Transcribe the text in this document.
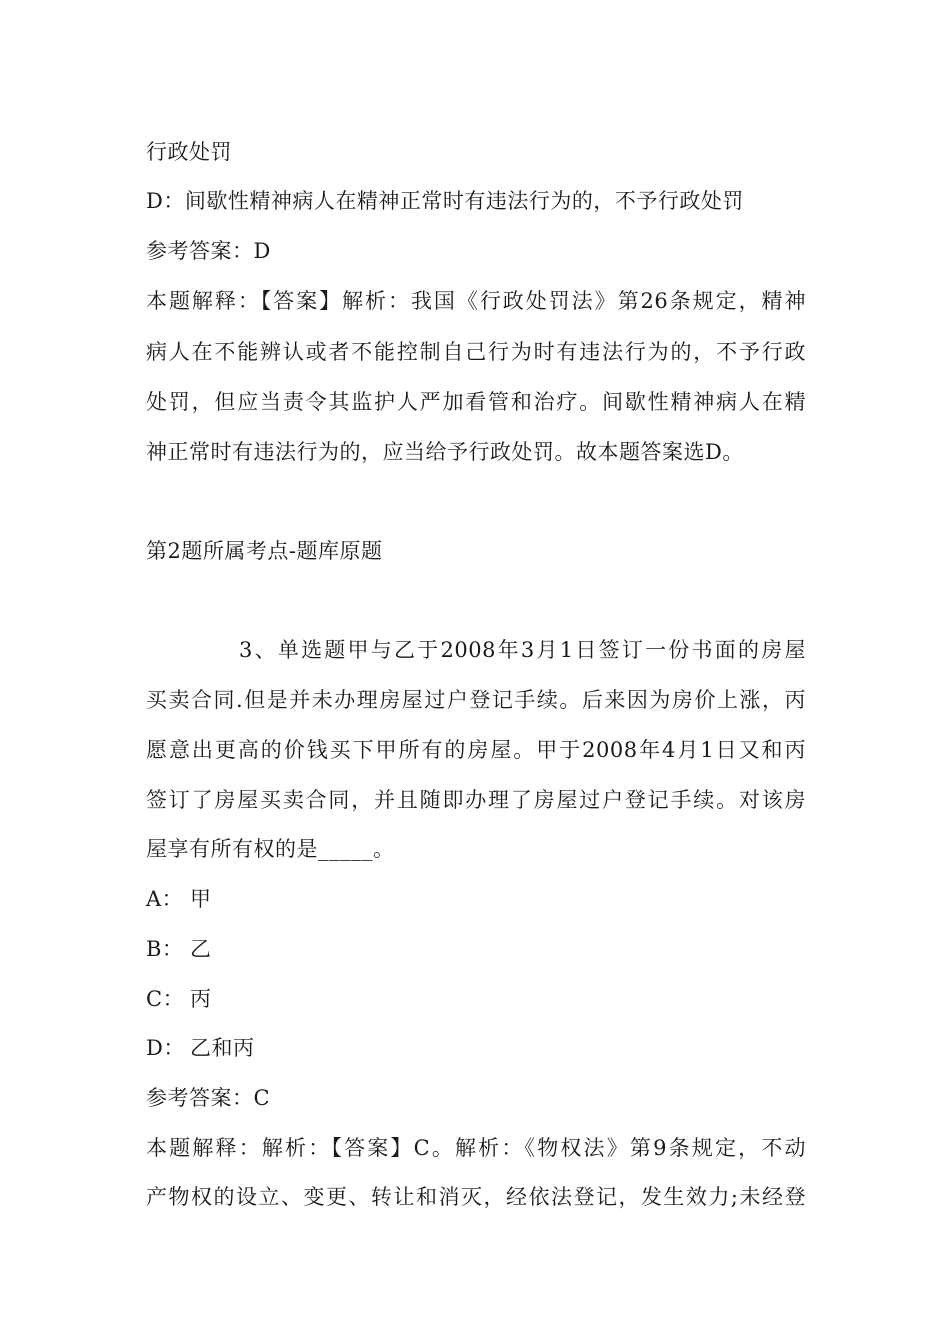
行政处罚
D：间歇性精神病人在精神正常时有违法行为的，不予行政处罚
参考答案：D
本题解释：【答案】解析：我国《行政处罚法》第26条规定，精神
病人在不能辨认或者不能控制自己行为时有违法行为的，不予行政
处罚，但应当责令其监护人严加看管和治疗。间歇性精神病人在精
神正常时有违法行为的，应当给予行政处罚。故本题答案选D。
第2题所属考点-题库原题
3、单选题甲与乙于2008年3月1日签订一份书面的房屋
买卖合同.但是并未办理房屋过户登记手续。后来因为房价上涨，丙
愿意出更高的价钱买下甲所有的房屋。甲于2008年4月1日又和丙
签订了房屋买卖合同，并且随即办理了房屋过户登记手续。对该房
屋享有所有权的是_____。
A： 甲
B： 乙
C： 丙
D： 乙和丙
参考答案：C
本题解释：解析：【答案】C。解析：《物权法》第9条规定，不动
产物权的设立、变更、转让和消灭，经依法登记，发生效力;未经登
